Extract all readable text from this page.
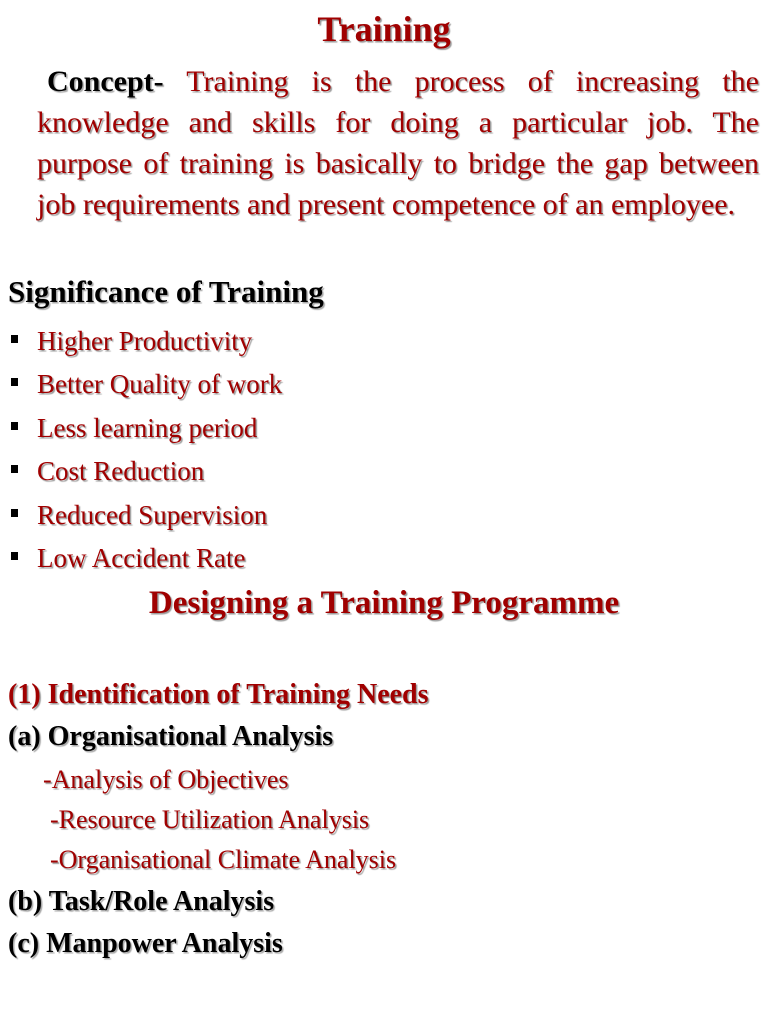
Training
Concept- Training is the process of increasing the knowledge and skills for doing a particular job. The purpose of training is basically to bridge the gap between job requirements and present competence of an employee.
Significance of Training
Higher Productivity
Better Quality of work
Less learning period
Cost Reduction
Reduced Supervision
Low Accident Rate
Designing a Training Programme
(1) Identification of Training Needs
(a) Organisational Analysis
-Analysis of Objectives
-Resource Utilization Analysis
-Organisational Climate Analysis
(b) Task/Role Analysis
(c) Manpower Analysis
